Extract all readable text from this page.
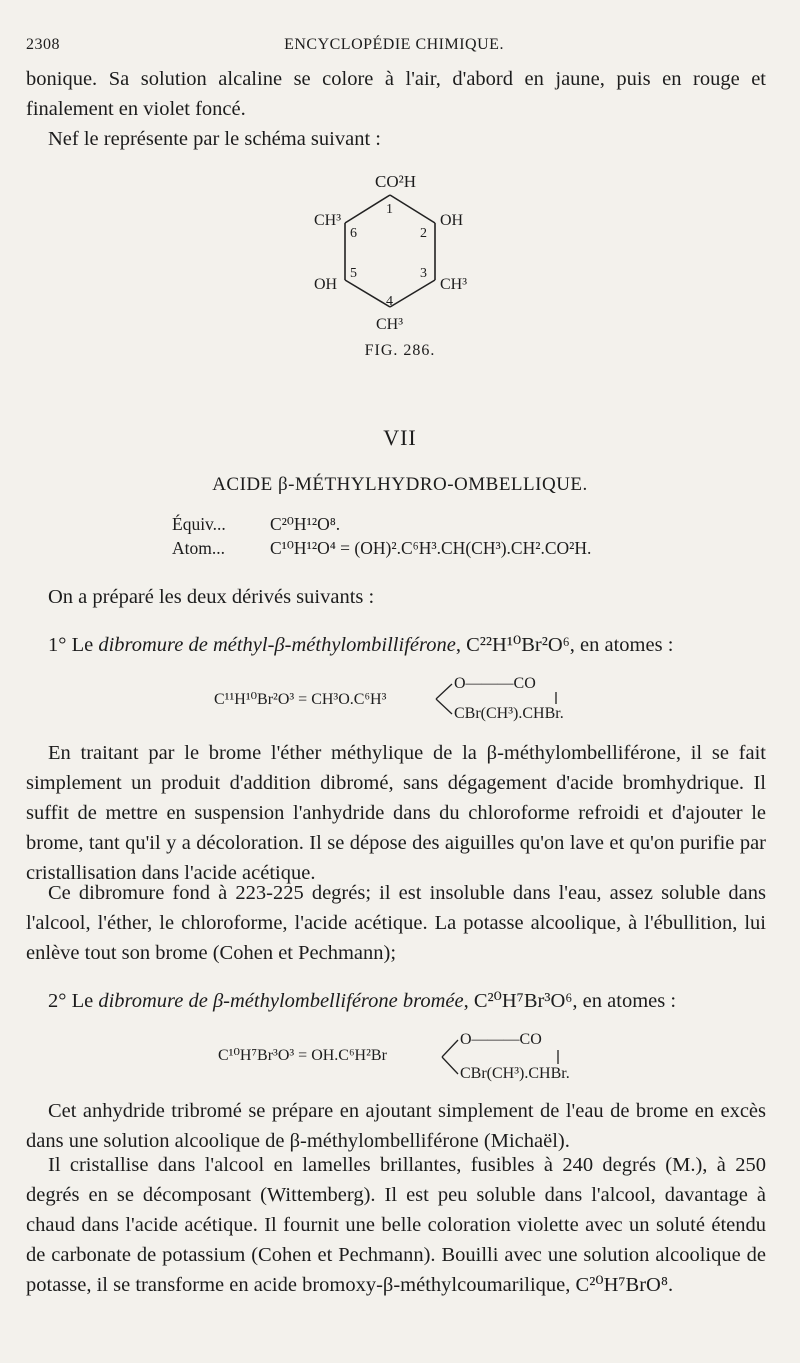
2308	ENCYCLOPÉDIE CHIMIQUE.

bonique. Sa solution alcaline se colore à l'air, d'abord en jaune, puis en rouge et finalement en violet foncé.

Nef le représente par le schéma suivant :

CO²H
1
2
3
4
5
6
CH³	OH
OH	CH³
CH³
FIG. 286.
VII
ACIDE β-MÉTHYLHYDRO-OMBELLIQUE.
Équiv...	C²⁰H¹²O⁸.
Atom...	C¹⁰H¹²O⁴ = (OH)².C⁶H³.CH(CH³).CH².CO²H.

On a préparé les deux dérivés suivants :

1° Le dibromure de méthyl-β-méthylombilliférone, C²²H¹⁰Br²O⁶, en atomes :

C¹¹H¹⁰Br²O³ = CH³O.C⁶H³
O———CO
CBr(CH³).CHBr.

En traitant par le brome l'éther méthylique de la β-méthylombelliférone, il se fait simplement un produit d'addition dibromé, sans dégagement d'acide bromhydrique. Il suffit de mettre en suspension l'anhydride dans du chloroforme refroidi et d'ajouter le brome, tant qu'il y a décoloration. Il se dépose des aiguilles qu'on lave et qu'on purifie par cristallisation dans l'acide acétique.

Ce dibromure fond à 223-225 degrés; il est insoluble dans l'eau, assez soluble dans l'alcool, l'éther, le chloroforme, l'acide acétique. La potasse alcoolique, à l'ébullition, lui enlève tout son brome (Cohen et Pechmann);

2° Le dibromure de β-méthylombelliférone bromée, C²⁰H⁷Br³O⁶, en atomes :

C¹⁰H⁷Br³O³ = OH.C⁶H²Br
O———CO
CBr(CH³).CHBr.

Cet anhydride tribromé se prépare en ajoutant simplement de l'eau de brome en excès dans une solution alcoolique de β-méthylombelliférone (Michaël).

Il cristallise dans l'alcool en lamelles brillantes, fusibles à 240 degrés (M.), à 250 degrés en se décomposant (Wittemberg). Il est peu soluble dans l'alcool, davantage à chaud dans l'acide acétique. Il fournit une belle coloration violette avec un soluté étendu de carbonate de potassium (Cohen et Pechmann). Bouilli avec une solution alcoolique de potasse, il se transforme en acide bromoxy-β-méthylcoumarilique, C²⁰H⁷BrO⁸.
